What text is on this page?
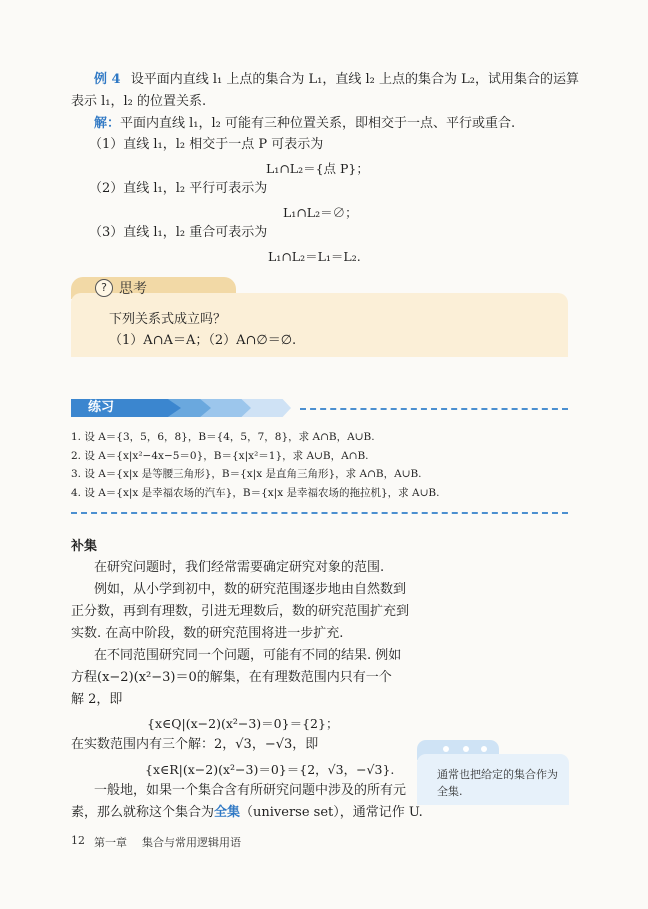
例 4 设平面内直线 l₁ 上点的集合为 L₁，直线 l₂ 上点的集合为 L₂，试用集合的运算
表示 l₁，l₂ 的位置关系.
解：平面内直线 l₁，l₂ 可能有三种位置关系，即相交于一点、平行或重合.
（1）直线 l₁，l₂ 相交于一点 P 可表示为
L₁∩L₂＝{点 P}；
（2）直线 l₁，l₂ 平行可表示为
L₁∩L₂＝∅；
（3）直线 l₁，l₂ 重合可表示为
L₁∩L₂＝L₁＝L₂.
? 思考
下列关系式成立吗？
（1）A∩A＝A；（2）A∩∅＝∅.
练习
1. 设 A＝{3，5，6，8}，B＝{4，5，7，8}，求 A∩B，A∪B.
2. 设 A＝{x|x²−4x−5＝0}，B＝{x|x²＝1}，求 A∪B，A∩B.
3. 设 A＝{x|x 是等腰三角形}，B＝{x|x 是直角三角形}，求 A∩B，A∪B.
4. 设 A＝{x|x 是幸福农场的汽车}，B＝{x|x 是幸福农场的拖拉机}，求 A∪B.
补集
在研究问题时，我们经常需要确定研究对象的范围.
例如，从小学到初中，数的研究范围逐步地由自然数到
正分数，再到有理数，引进无理数后，数的研究范围扩充到
实数. 在高中阶段，数的研究范围将进一步扩充.
在不同范围研究同一个问题，可能有不同的结果. 例如
方程(x−2)(x²−3)＝0的解集，在有理数范围内只有一个
解 2，即
{x∈Q|(x−2)(x²−3)＝0}＝{2}；
在实数范围内有三个解：2，√3，−√3，即
{x∈R|(x−2)(x²−3)＝0}＝{2，√3，−√3}.
一般地，如果一个集合含有所研究问题中涉及的所有元
素，那么就称这个集合为全集（universe set），通常记作 U.
通常也把给定的集合作为全集.
12 第一章 集合与常用逻辑用语
